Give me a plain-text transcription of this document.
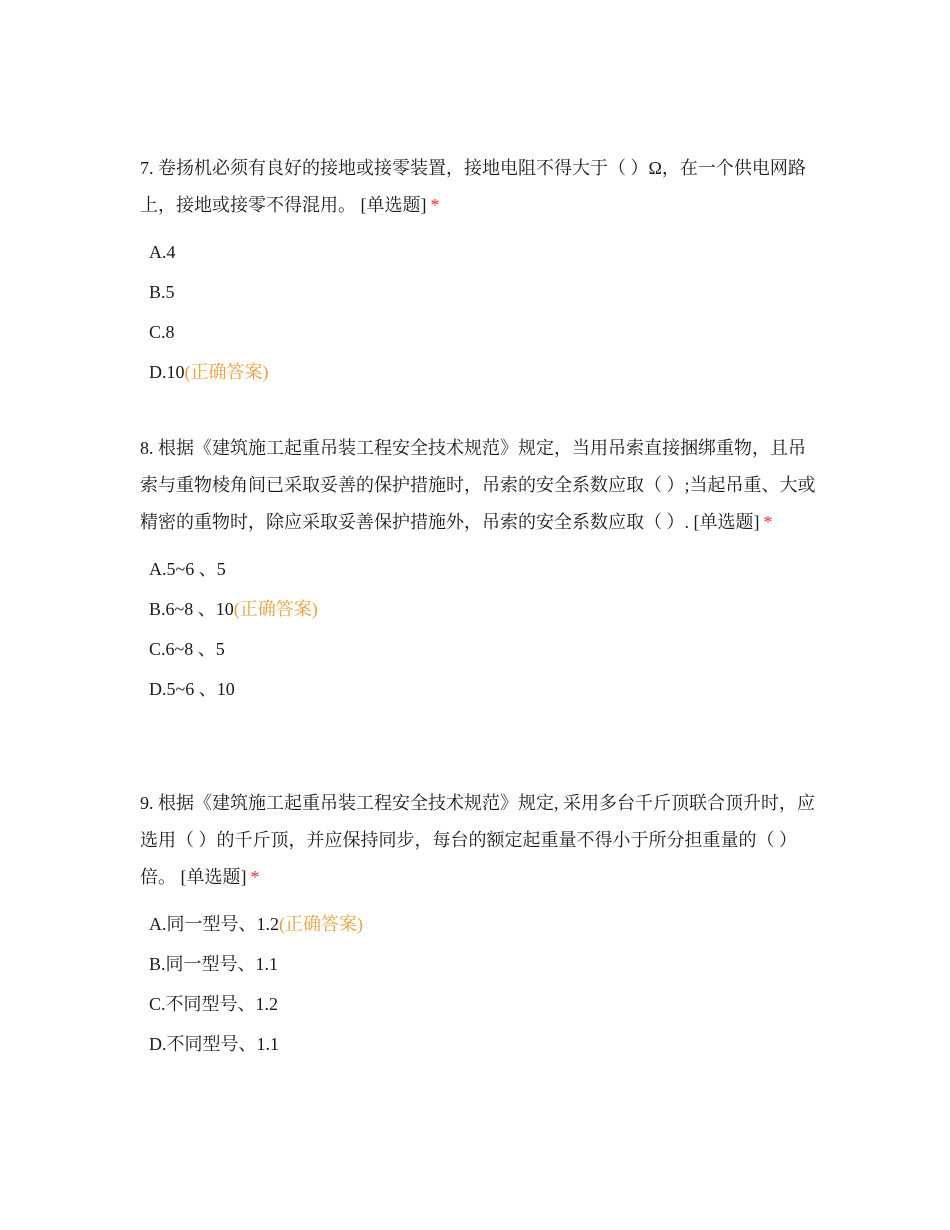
7. 卷扬机必须有良好的接地或接零装置，接地电阻不得大于（ ）Ω，在一个供电网路上，接地或接零不得混用。 [单选题] *

A.4
B.5
C.8
D.10(正确答案)

8. 根据《建筑施工起重吊装工程安全技术规范》规定，当用吊索直接捆绑重物，且吊索与重物棱角间已采取妥善的保护措施时，吊索的安全系数应取（ ）;当起吊重、大或精密的重物时，除应采取妥善保护措施外，吊索的安全系数应取（ ）. [单选题] *

A.5~6 、5
B.6~8 、10(正确答案)
C.6~8 、5
D.5~6 、10

9. 根据《建筑施工起重吊装工程安全技术规范》规定, 采用多台千斤顶联合顶升时，应选用（ ）的千斤顶，并应保持同步，每台的额定起重量不得小于所分担重量的（ ）倍。 [单选题] *

A.同一型号、1.2(正确答案)
B.同一型号、1.1
C.不同型号、1.2
D.不同型号、1.1
